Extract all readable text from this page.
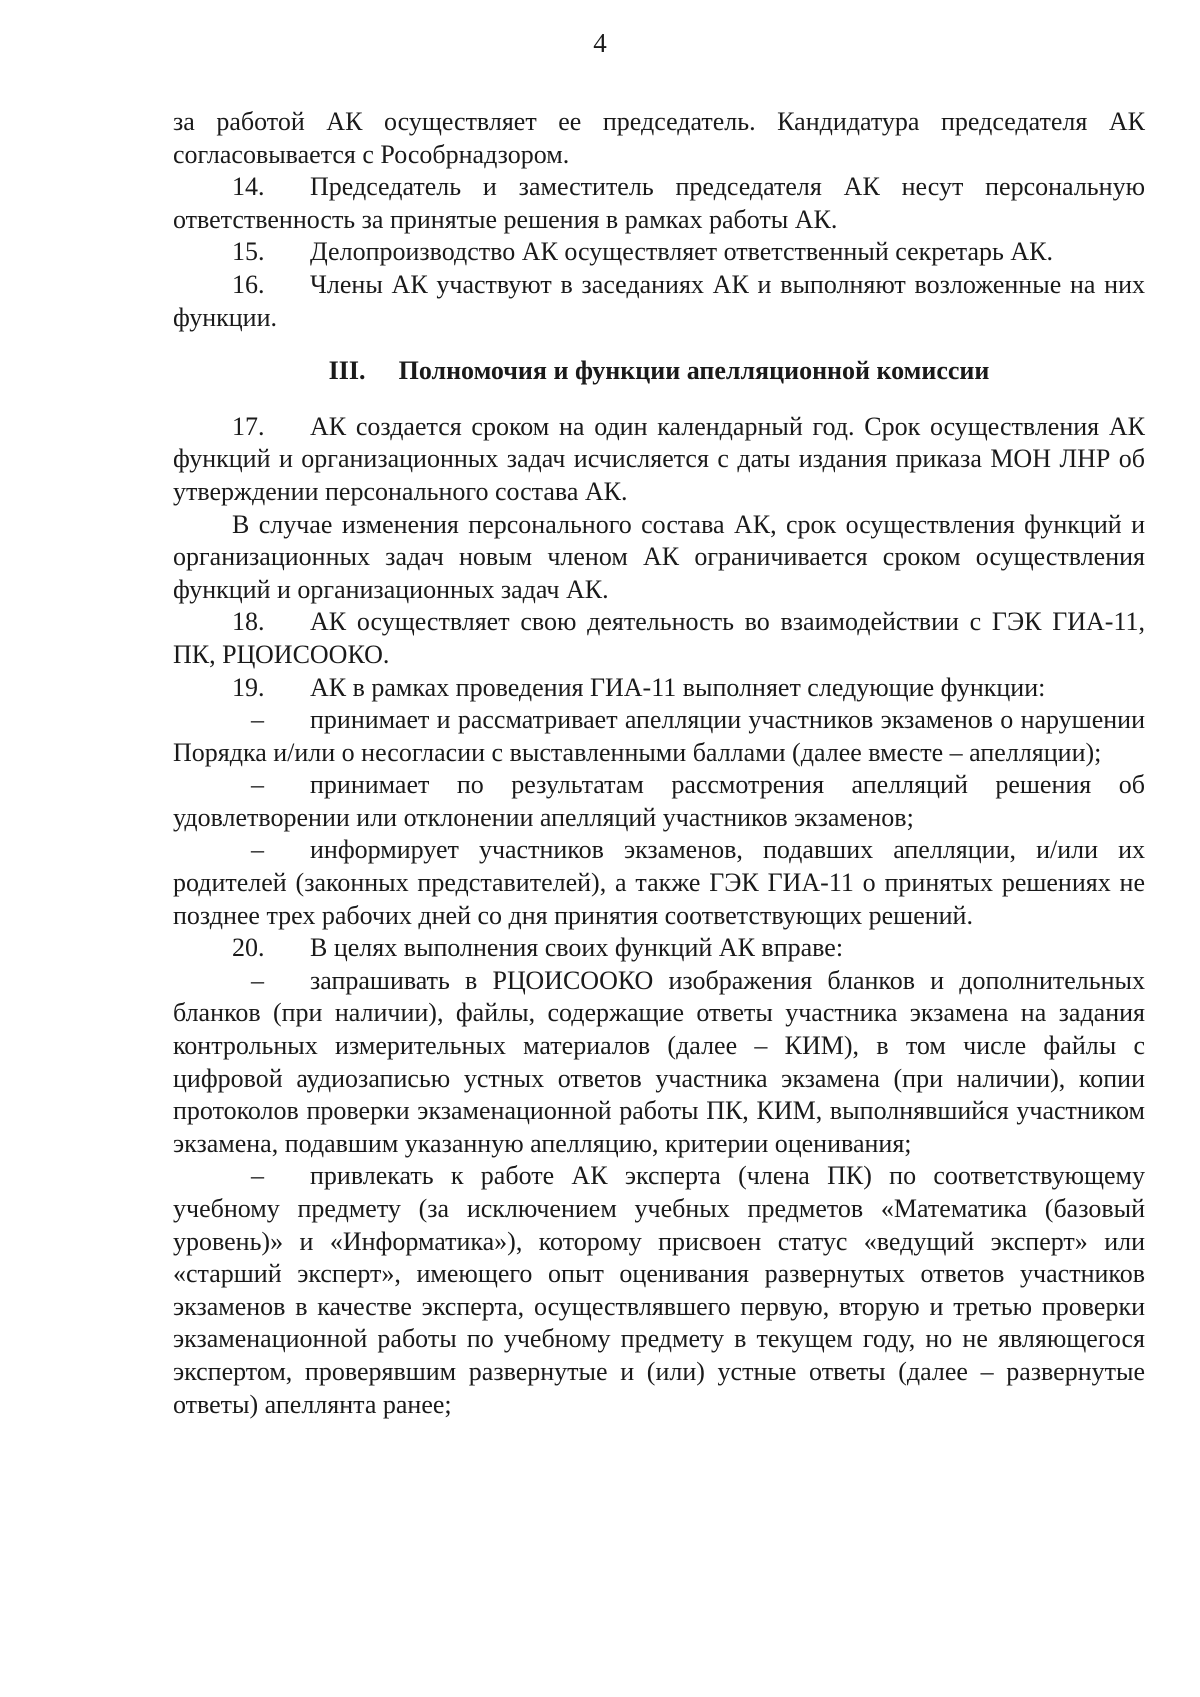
4
за работой АК осуществляет ее председатель. Кандидатура председателя АК согласовывается с Рособрнадзором.
14. Председатель и заместитель председателя АК несут персональную ответственность за принятые решения в рамках работы АК.
15. Делопроизводство АК осуществляет ответственный секретарь АК.
16. Члены АК участвуют в заседаниях АК и выполняют возложенные на них функции.
III. Полномочия и функции апелляционной комиссии
17. АК создается сроком на один календарный год. Срок осуществления АК функций и организационных задач исчисляется с даты издания приказа МОН ЛНР об утверждении персонального состава АК.
В случае изменения персонального состава АК, срок осуществления функций и организационных задач новым членом АК ограничивается сроком осуществления функций и организационных задач АК.
18. АК осуществляет свою деятельность во взаимодействии с ГЭК ГИА-11, ПК, РЦОИСООКО.
19. АК в рамках проведения ГИА-11 выполняет следующие функции:
– принимает и рассматривает апелляции участников экзаменов о нарушении Порядка и/или о несогласии с выставленными баллами (далее вместе – апелляции);
– принимает по результатам рассмотрения апелляций решения об удовлетворении или отклонении апелляций участников экзаменов;
– информирует участников экзаменов, подавших апелляции, и/или их родителей (законных представителей), а также ГЭК ГИА-11 о принятых решениях не позднее трех рабочих дней со дня принятия соответствующих решений.
20. В целях выполнения своих функций АК вправе:
– запрашивать в РЦОИСООКО изображения бланков и дополнительных бланков (при наличии), файлы, содержащие ответы участника экзамена на задания контрольных измерительных материалов (далее – КИМ), в том числе файлы с цифровой аудиозаписью устных ответов участника экзамена (при наличии), копии протоколов проверки экзаменационной работы ПК, КИМ, выполнявшийся участником экзамена, подавшим указанную апелляцию, критерии оценивания;
– привлекать к работе АК эксперта (члена ПК) по соответствующему учебному предмету (за исключением учебных предметов «Математика (базовый уровень)» и «Информатика»), которому присвоен статус «ведущий эксперт» или «старший эксперт», имеющего опыт оценивания развернутых ответов участников экзаменов в качестве эксперта, осуществлявшего первую, вторую и третью проверки экзаменационной работы по учебному предмету в текущем году, но не являющегося экспертом, проверявшим развернутые и (или) устные ответы (далее – развернутые ответы) апеллянта ранее;
